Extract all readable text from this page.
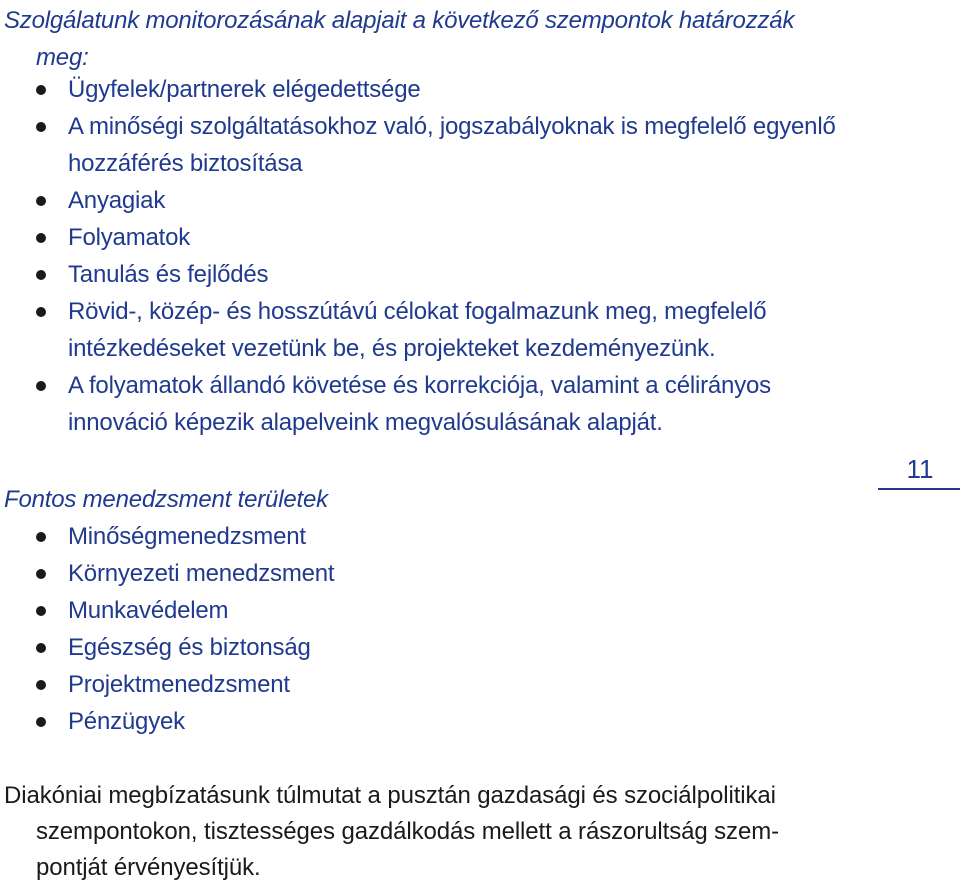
Szolgálatunk monitorozásának alapjait a következő szempontok határozzák
meg:

Ügyfelek/partnerek elégedettsége
A minőségi szolgáltatásokhoz való, jogszabályoknak is megfelelő egyenlő hozzáférés biztosítása
Anyagiak
Folyamatok
Tanulás és fejlődés
Rövid-, közép- és hosszútávú célokat fogalmazunk meg, megfelelő intézkedéseket vezetünk be, és projekteket kezdeményezünk.
A folyamatok állandó követése és korrekciója, valamint a célirányos innováció képezik alapelveink megvalósulásának alapját.
Fontos menedzsment területek
Minőségmenedzsment
Környezeti menedzsment
Munkavédelem
Egészség és biztonság
Projektmenedzsment
Pénzügyek

Diakóniai megbízatásunk túlmutat a pusztán gazdasági és szociálpolitikai

szempontokon, tisztességes gazdálkodás mellett a rászorultság szem-
pontját érvényesítjük.

11
